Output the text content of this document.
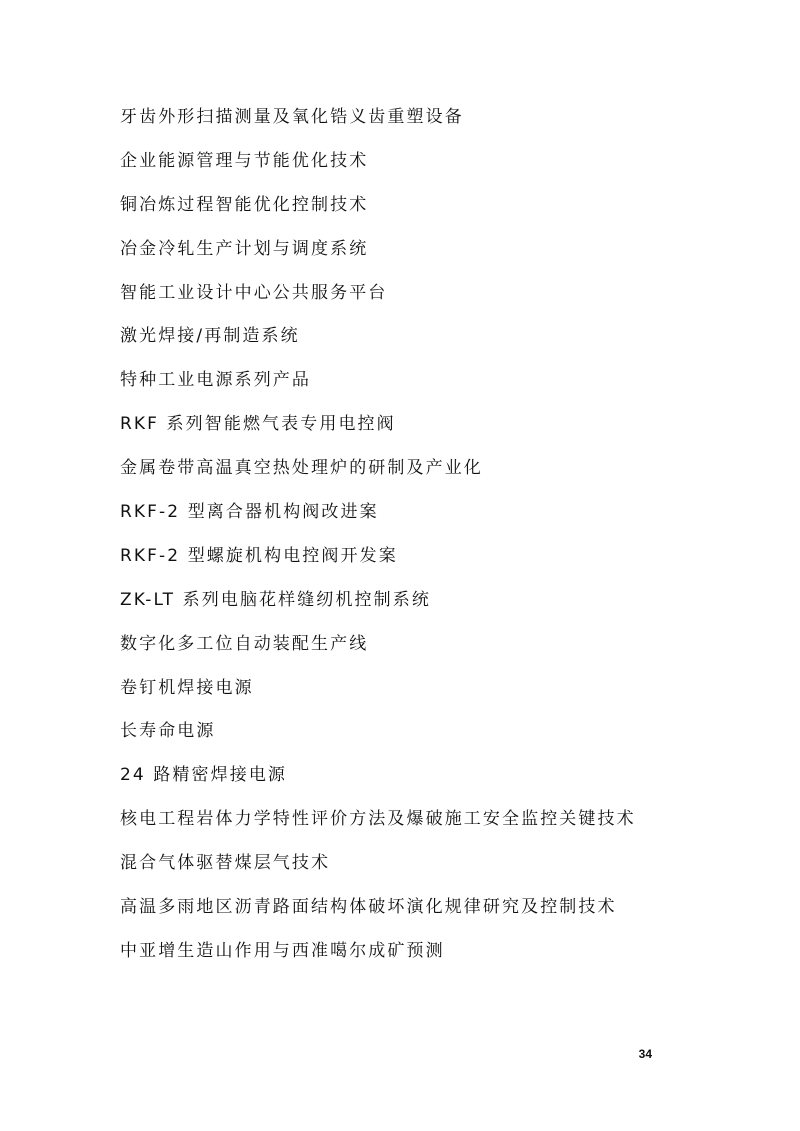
牙齿外形扫描测量及氧化锆义齿重塑设备
企业能源管理与节能优化技术
铜冶炼过程智能优化控制技术
冶金冷轧生产计划与调度系统
智能工业设计中心公共服务平台
激光焊接/再制造系统
特种工业电源系列产品
RKF 系列智能燃气表专用电控阀
金属卷带高温真空热处理炉的研制及产业化
RKF-2 型离合器机构阀改进案
RKF-2 型螺旋机构电控阀开发案
ZK-LT 系列电脑花样缝纫机控制系统
数字化多工位自动装配生产线
卷钉机焊接电源
长寿命电源
24 路精密焊接电源
核电工程岩体力学特性评价方法及爆破施工安全监控关键技术
混合气体驱替煤层气技术
高温多雨地区沥青路面结构体破坏演化规律研究及控制技术
中亚增生造山作用与西准噶尔成矿预测
34
